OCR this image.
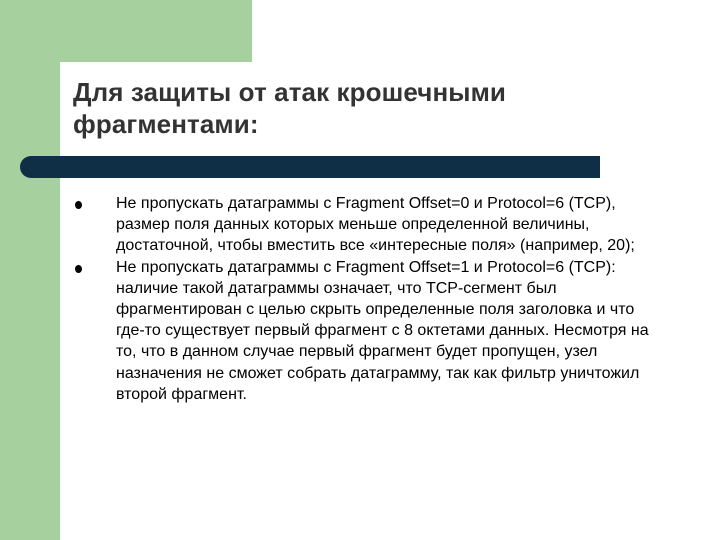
Для защиты от атак крошечными фрагментами:
Не пропускать датаграммы с Fragment Offset=0 и Protocol=6 (TCP), размер поля данных которых меньше определенной величины, достаточной, чтобы вместить все «интересные поля» (например, 20);
Не пропускать датаграммы с Fragment Offset=1 и Protocol=6 (TCP): наличие такой датаграммы означает, что TCP-сегмент был фрагментирован с целью скрыть определенные поля заголовка и что где-то существует первый фрагмент с 8 октетами данных. Несмотря на то, что в данном случае первый фрагмент будет пропущен, узел назначения не сможет собрать датаграмму, так как фильтр уничтожил второй фрагмент.
